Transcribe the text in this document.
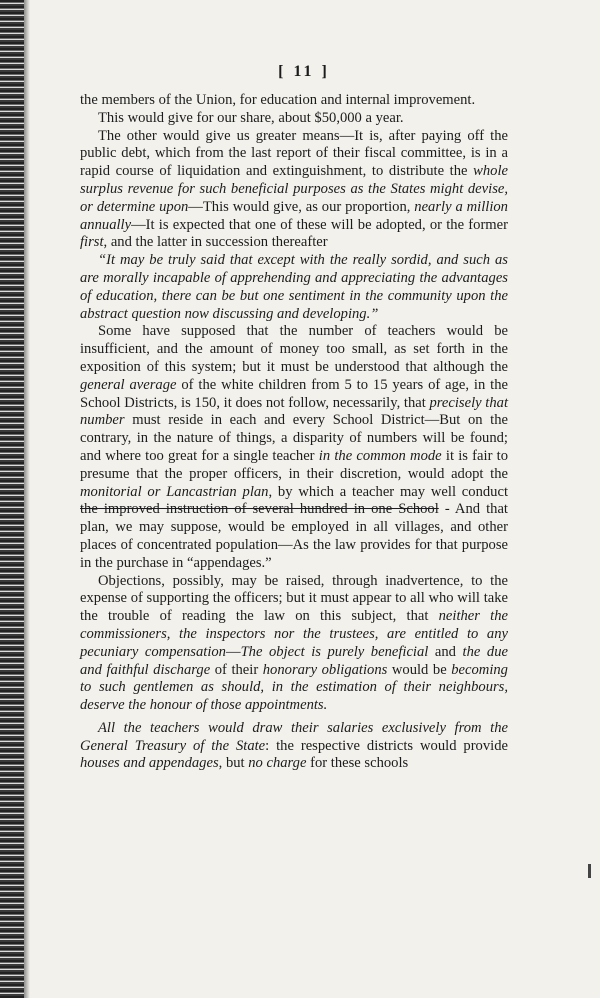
[ 11 ]

the members of the Union, for education and internal improvement.

This would give for our share, about $50,000 a year.

The other would give us greater means—It is, after paying off the public debt, which from the last report of their fiscal committee, is in a rapid course of liquidation and extinguishment, to distribute the whole surplus revenue for such beneficial purposes as the States might devise, or determine upon—This would give, as our proportion, nearly a million annually—It is expected that one of these will be adopted, or the former first, and the latter in succession thereafter

“It may be truly said that except with the really sordid, and such as are morally incapable of apprehending and appreciating the advantages of education, there can be but one sentiment in the community upon the abstract question now discussing and developing.”

Some have supposed that the number of teachers would be insufficient, and the amount of money too small, as set forth in the exposition of this system; but it must be understood that although the general average of the white children from 5 to 15 years of age, in the School Districts, is 150, it does not follow, necessarily, that precisely that number must reside in each and every School District—But on the contrary, in the nature of things, a disparity of numbers will be found; and where too great for a single teacher in the common mode it is fair to presume that the proper officers, in their discretion, would adopt the monitorial or Lancastrian plan, by which a teacher may well conduct the improved instruction of several hundred in one School - And that plan, we may suppose, would be employed in all villages, and other places of concentrated population—As the law provides for that purpose in the purchase in “appendages.”

Objections, possibly, may be raised, through inadvertence, to the expense of supporting the officers; but it must appear to all who will take the trouble of reading the law on this subject, that neither the commissioners, the inspectors nor the trustees, are entitled to any pecuniary compensation—The object is purely beneficial and the due and faithful discharge of their honorary obligations would be becoming to such gentlemen as should, in the estimation of their neighbours, deserve the honour of those appointments.

All the teachers would draw their salaries exclusively from the General Treasury of the State: the respective districts would provide houses and appendages, but no charge for these schools
